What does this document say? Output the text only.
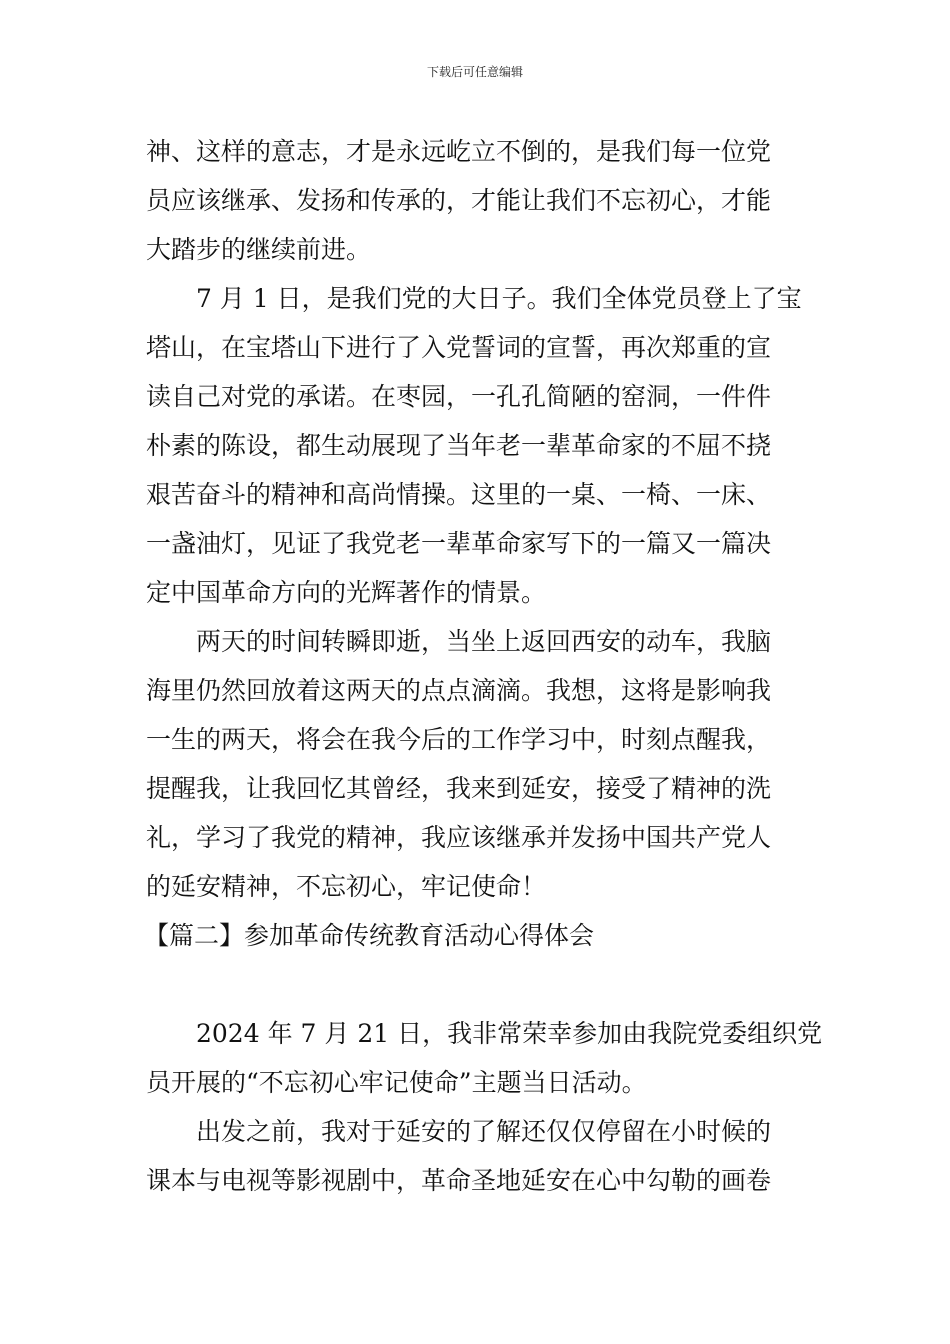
下载后可任意编辑
神、这样的意志，才是永远屹立不倒的，是我们每一位党
员应该继承、发扬和传承的，才能让我们不忘初心，才能
大踏步的继续前进。
7 月 1 日，是我们党的大日子。我们全体党员登上了宝
塔山，在宝塔山下进行了入党誓词的宣誓，再次郑重的宣
读自己对党的承诺。在枣园，一孔孔简陋的窑洞，一件件
朴素的陈设，都生动展现了当年老一辈革命家的不屈不挠
艰苦奋斗的精神和高尚情操。这里的一桌、一椅、一床、
一盏油灯，见证了我党老一辈革命家写下的一篇又一篇决
定中国革命方向的光辉著作的情景。
两天的时间转瞬即逝，当坐上返回西安的动车，我脑
海里仍然回放着这两天的点点滴滴。我想，这将是影响我
一生的两天，将会在我今后的工作学习中，时刻点醒我，
提醒我，让我回忆其曾经，我来到延安，接受了精神的洗
礼，学习了我党的精神，我应该继承并发扬中国共产党人
的延安精神，不忘初心，牢记使命！
【篇二】参加革命传统教育活动心得体会
2024 年 7 月 21 日，我非常荣幸参加由我院党委组织党
员开展的“不忘初心牢记使命”主题当日活动。
出发之前，我对于延安的了解还仅仅停留在小时候的
课本与电视等影视剧中，革命圣地延安在心中勾勒的画卷
